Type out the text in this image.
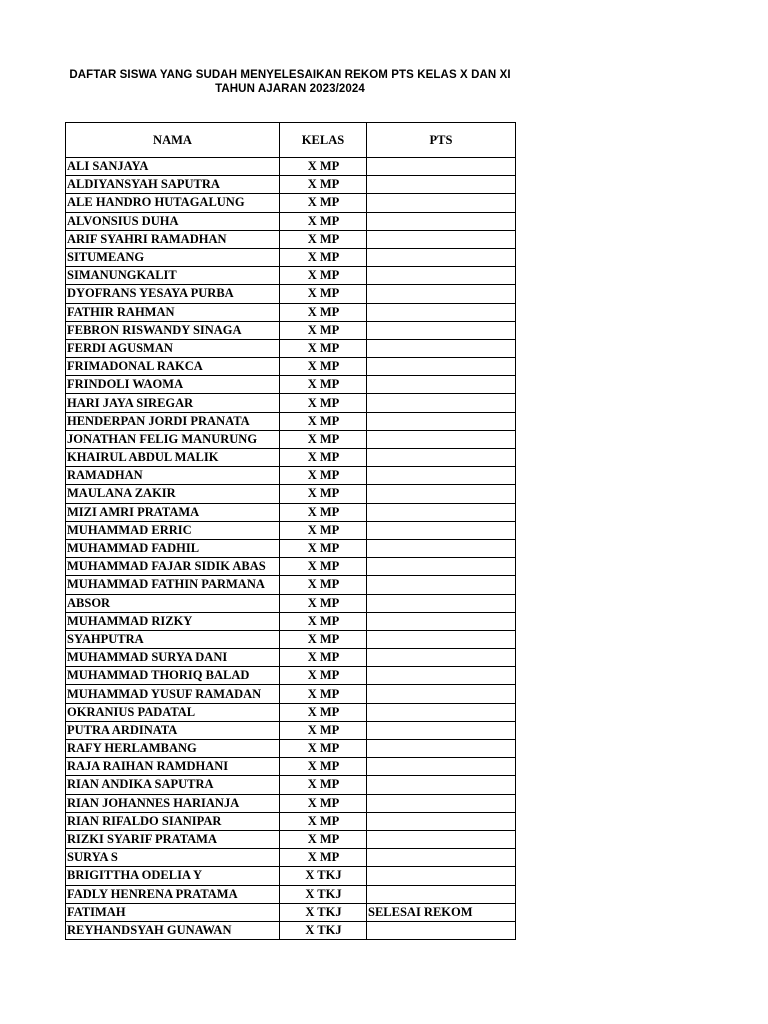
DAFTAR SISWA YANG SUDAH MENYELESAIKAN REKOM PTS KELAS X DAN XI
TAHUN AJARAN 2023/2024
NAMA	KELAS	PTS
ALI SANJAYA	X MP	
ALDIYANSYAH SAPUTRA	X MP	
ALE HANDRO HUTAGALUNG	X MP	
ALVONSIUS DUHA	X MP	
ARIF SYAHRI RAMADHAN	X MP	
SITUMEANG	X MP	
SIMANUNGKALIT	X MP	
DYOFRANS YESAYA PURBA	X MP	
FATHIR RAHMAN	X MP	
FEBRON RISWANDY SINAGA	X MP	
FERDI AGUSMAN	X MP	
FRIMADONAL RAKCA	X MP	
FRINDOLI WAOMA	X MP	
HARI JAYA SIREGAR	X MP	
HENDERPAN JORDI PRANATA	X MP	
JONATHAN FELIG MANURUNG	X MP	
KHAIRUL ABDUL MALIK	X MP	
RAMADHAN	X MP	
MAULANA ZAKIR	X MP	
MIZI AMRI PRATAMA	X MP	
MUHAMMAD ERRIC	X MP	
MUHAMMAD FADHIL	X MP	
MUHAMMAD FAJAR SIDIK ABAS	X MP	
MUHAMMAD FATHIN PARMANA	X MP	
ABSOR	X MP	
MUHAMMAD RIZKY	X MP	
SYAHPUTRA	X MP	
MUHAMMAD SURYA DANI	X MP	
MUHAMMAD THORIQ BALAD	X MP	
MUHAMMAD YUSUF RAMADAN	X MP	
OKRANIUS PADATAL	X MP	
PUTRA ARDINATA	X MP	
RAFY HERLAMBANG	X MP	
RAJA RAIHAN RAMDHANI	X MP	
RIAN ANDIKA SAPUTRA	X MP	
RIAN JOHANNES HARIANJA	X MP	
RIAN RIFALDO SIANIPAR	X MP	
RIZKI SYARIF PRATAMA	X MP	
SURYA S	X MP	
BRIGITTHA ODELIA Y	X TKJ	
FADLY HENRENA PRATAMA	X TKJ	
FATIMAH	X TKJ	SELESAI REKOM
REYHANDSYAH GUNAWAN	X TKJ	
